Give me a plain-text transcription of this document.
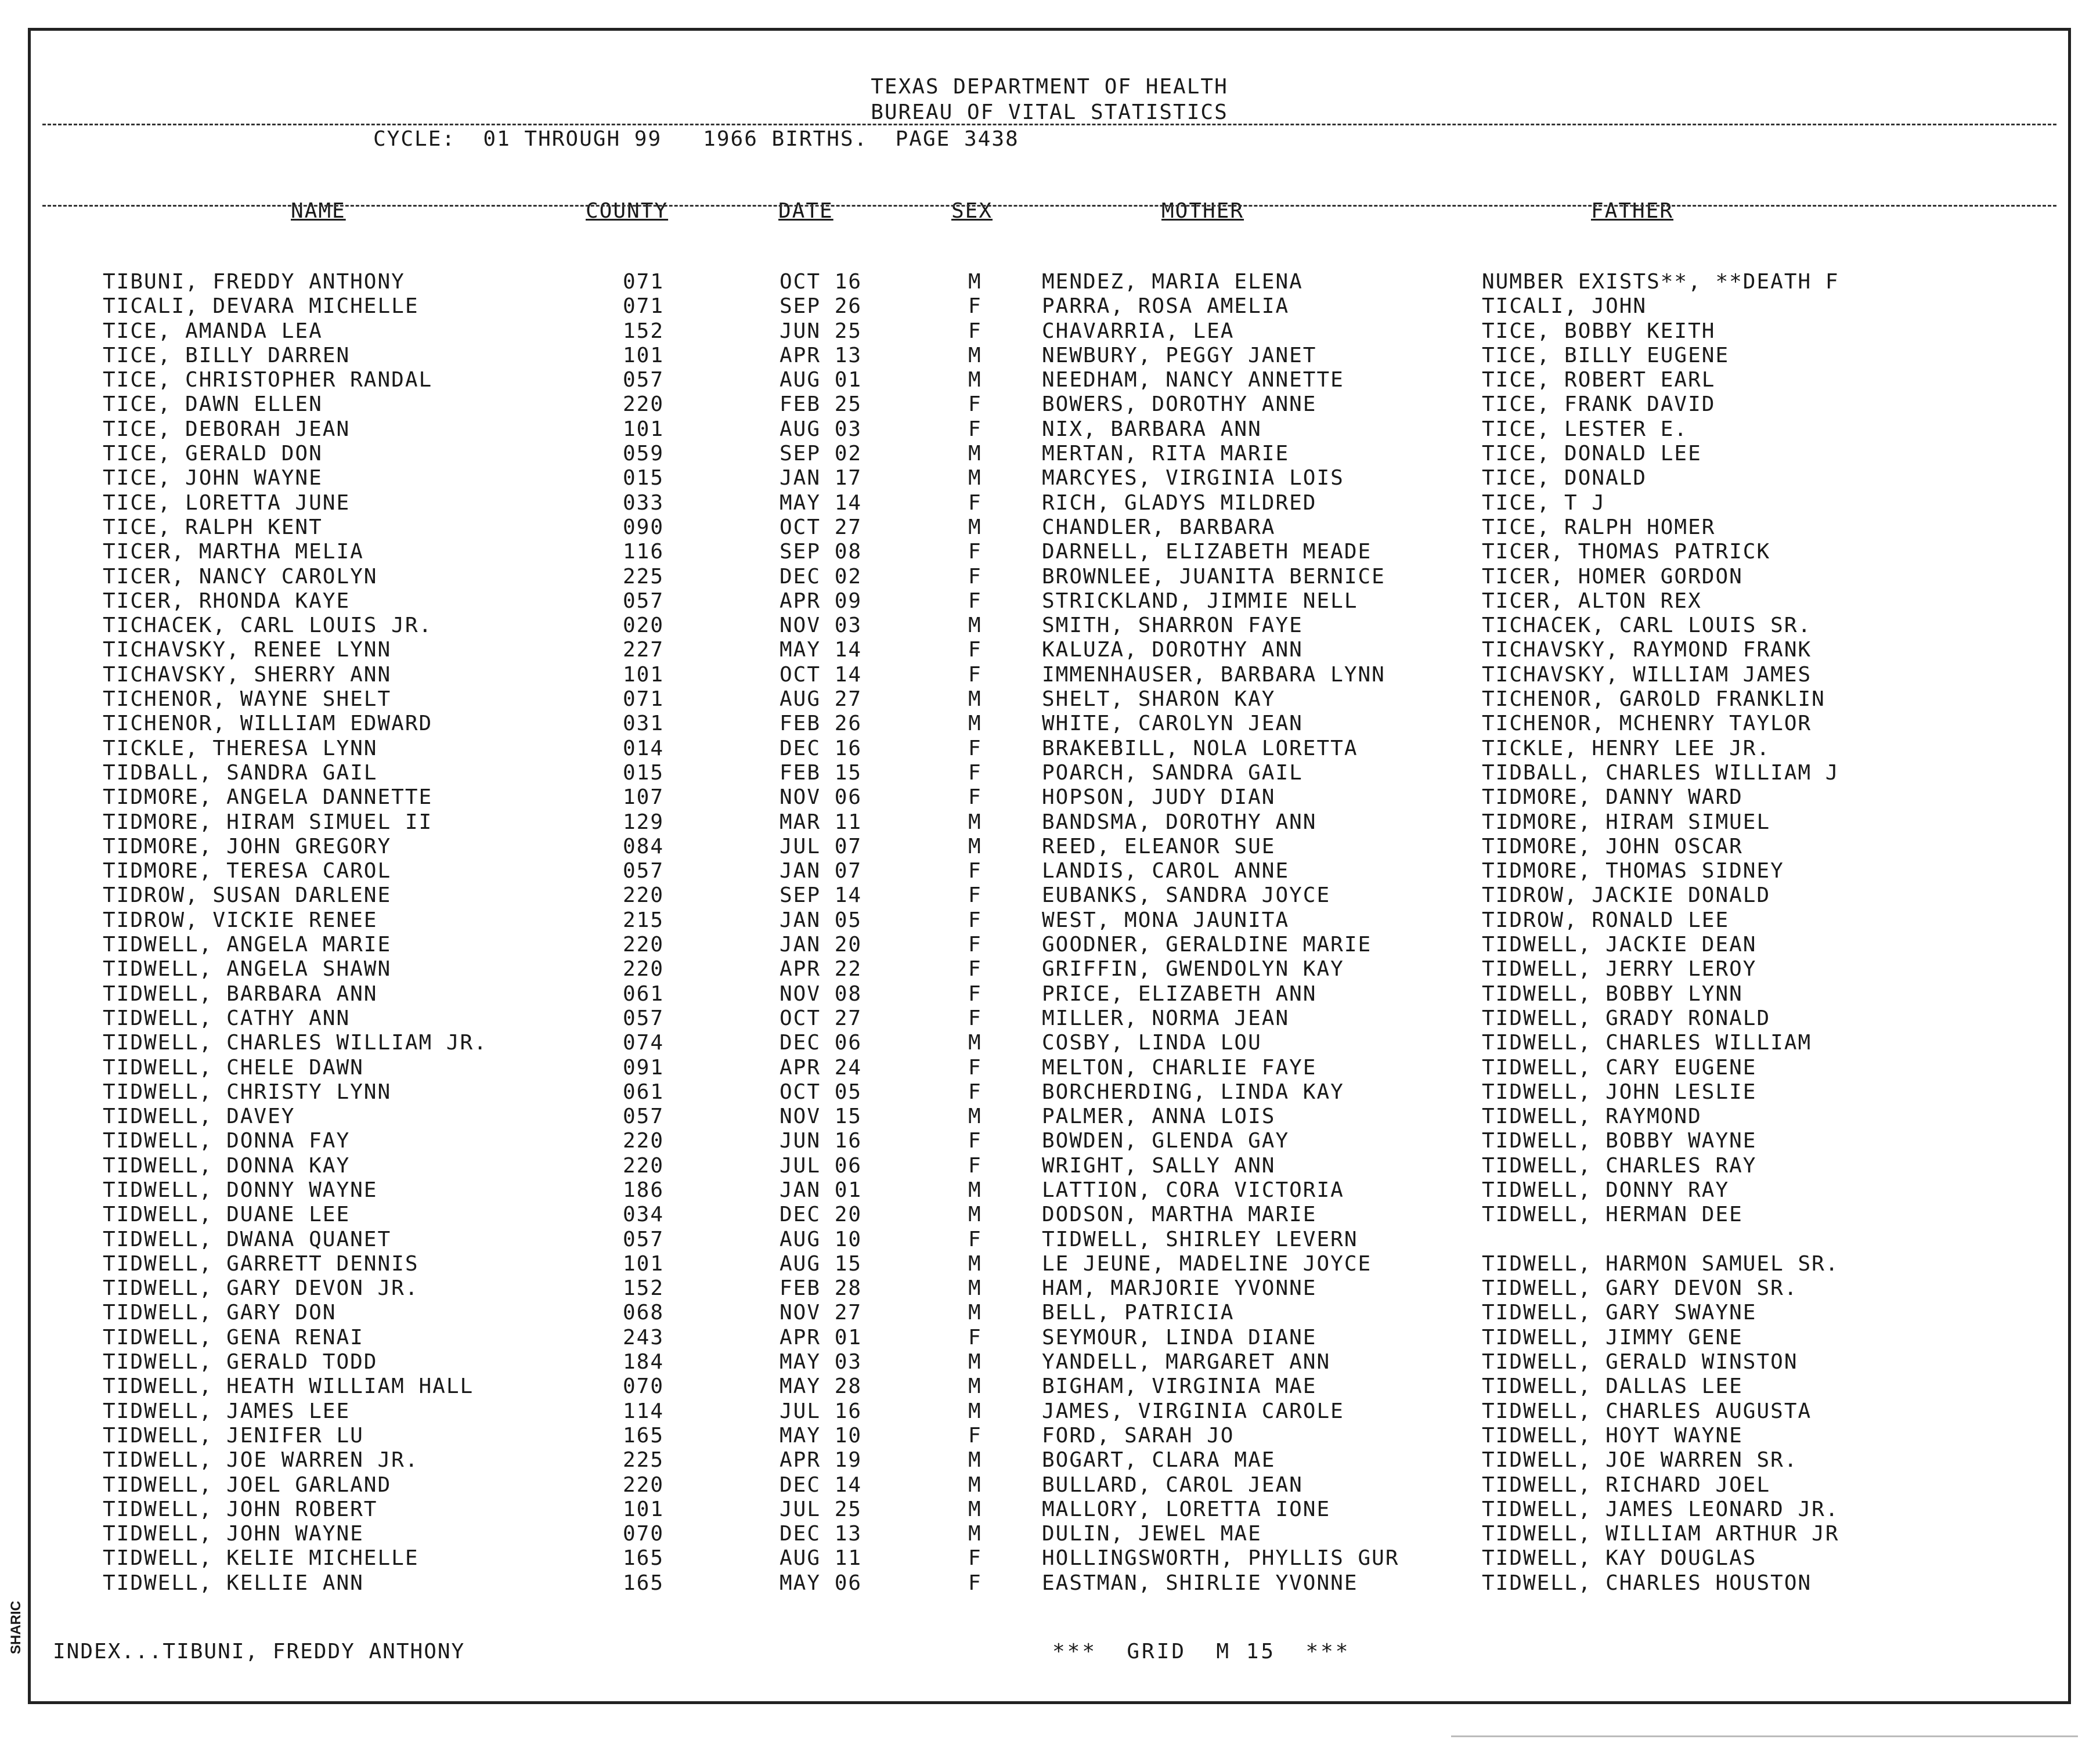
TEXAS DEPARTMENT OF HEALTH
BUREAU OF VITAL STATISTICS
CYCLE:  01 THROUGH 99   1966 BIRTHS.  PAGE 3438
NAME	COUNTY	DATE	SEX	MOTHER	FATHER
TIBUNI, FREDDY ANTHONY	071	OCT 16	M	MENDEZ, MARIA ELENA	NUMBER EXISTS**, **DEATH F
TICALI, DEVARA MICHELLE	071	SEP 26	F	PARRA, ROSA AMELIA	TICALI, JOHN
TICE, AMANDA LEA	152	JUN 25	F	CHAVARRIA, LEA	TICE, BOBBY KEITH
TICE, BILLY DARREN	101	APR 13	M	NEWBURY, PEGGY JANET	TICE, BILLY EUGENE
TICE, CHRISTOPHER RANDAL	057	AUG 01	M	NEEDHAM, NANCY ANNETTE	TICE, ROBERT EARL
TICE, DAWN ELLEN	220	FEB 25	F	BOWERS, DOROTHY ANNE	TICE, FRANK DAVID
TICE, DEBORAH JEAN	101	AUG 03	F	NIX, BARBARA ANN	TICE, LESTER E.
TICE, GERALD DON	059	SEP 02	M	MERTAN, RITA MARIE	TICE, DONALD LEE
TICE, JOHN WAYNE	015	JAN 17	M	MARCYES, VIRGINIA LOIS	TICE, DONALD
TICE, LORETTA JUNE	033	MAY 14	F	RICH, GLADYS MILDRED	TICE, T J
TICE, RALPH KENT	090	OCT 27	M	CHANDLER, BARBARA	TICE, RALPH HOMER
TICER, MARTHA MELIA	116	SEP 08	F	DARNELL, ELIZABETH MEADE	TICER, THOMAS PATRICK
TICER, NANCY CAROLYN	225	DEC 02	F	BROWNLEE, JUANITA BERNICE	TICER, HOMER GORDON
TICER, RHONDA KAYE	057	APR 09	F	STRICKLAND, JIMMIE NELL	TICER, ALTON REX
TICHACEK, CARL LOUIS JR.	020	NOV 03	M	SMITH, SHARRON FAYE	TICHACEK, CARL LOUIS SR.
TICHAVSKY, RENEE LYNN	227	MAY 14	F	KALUZA, DOROTHY ANN	TICHAVSKY, RAYMOND FRANK
TICHAVSKY, SHERRY ANN	101	OCT 14	F	IMMENHAUSER, BARBARA LYNN	TICHAVSKY, WILLIAM JAMES
TICHENOR, WAYNE SHELT	071	AUG 27	M	SHELT, SHARON KAY	TICHENOR, GAROLD FRANKLIN
TICHENOR, WILLIAM EDWARD	031	FEB 26	M	WHITE, CAROLYN JEAN	TICHENOR, MCHENRY TAYLOR
TICKLE, THERESA LYNN	014	DEC 16	F	BRAKEBILL, NOLA LORETTA	TICKLE, HENRY LEE JR.
TIDBALL, SANDRA GAIL	015	FEB 15	F	POARCH, SANDRA GAIL	TIDBALL, CHARLES WILLIAM J
TIDMORE, ANGELA DANNETTE	107	NOV 06	F	HOPSON, JUDY DIAN	TIDMORE, DANNY WARD
TIDMORE, HIRAM SIMUEL II	129	MAR 11	M	BANDSMA, DOROTHY ANN	TIDMORE, HIRAM SIMUEL
TIDMORE, JOHN GREGORY	084	JUL 07	M	REED, ELEANOR SUE	TIDMORE, JOHN OSCAR
TIDMORE, TERESA CAROL	057	JAN 07	F	LANDIS, CAROL ANNE	TIDMORE, THOMAS SIDNEY
TIDROW, SUSAN DARLENE	220	SEP 14	F	EUBANKS, SANDRA JOYCE	TIDROW, JACKIE DONALD
TIDROW, VICKIE RENEE	215	JAN 05	F	WEST, MONA JAUNITA	TIDROW, RONALD LEE
TIDWELL, ANGELA MARIE	220	JAN 20	F	GOODNER, GERALDINE MARIE	TIDWELL, JACKIE DEAN
TIDWELL, ANGELA SHAWN	220	APR 22	F	GRIFFIN, GWENDOLYN KAY	TIDWELL, JERRY LEROY
TIDWELL, BARBARA ANN	061	NOV 08	F	PRICE, ELIZABETH ANN	TIDWELL, BOBBY LYNN
TIDWELL, CATHY ANN	057	OCT 27	F	MILLER, NORMA JEAN	TIDWELL, GRADY RONALD
TIDWELL, CHARLES WILLIAM JR.	074	DEC 06	M	COSBY, LINDA LOU	TIDWELL, CHARLES WILLIAM
TIDWELL, CHELE DAWN	091	APR 24	F	MELTON, CHARLIE FAYE	TIDWELL, CARY EUGENE
TIDWELL, CHRISTY LYNN	061	OCT 05	F	BORCHERDING, LINDA KAY	TIDWELL, JOHN LESLIE
TIDWELL, DAVEY	057	NOV 15	M	PALMER, ANNA LOIS	TIDWELL, RAYMOND
TIDWELL, DONNA FAY	220	JUN 16	F	BOWDEN, GLENDA GAY	TIDWELL, BOBBY WAYNE
TIDWELL, DONNA KAY	220	JUL 06	F	WRIGHT, SALLY ANN	TIDWELL, CHARLES RAY
TIDWELL, DONNY WAYNE	186	JAN 01	M	LATTION, CORA VICTORIA	TIDWELL, DONNY RAY
TIDWELL, DUANE LEE	034	DEC 20	M	DODSON, MARTHA MARIE	TIDWELL, HERMAN DEE
TIDWELL, DWANA QUANET	057	AUG 10	F	TIDWELL, SHIRLEY LEVERN
TIDWELL, GARRETT DENNIS	101	AUG 15	M	LE JEUNE, MADELINE JOYCE	TIDWELL, HARMON SAMUEL SR.
TIDWELL, GARY DEVON JR.	152	FEB 28	M	HAM, MARJORIE YVONNE	TIDWELL, GARY DEVON SR.
TIDWELL, GARY DON	068	NOV 27	M	BELL, PATRICIA	TIDWELL, GARY SWAYNE
TIDWELL, GENA RENAI	243	APR 01	F	SEYMOUR, LINDA DIANE	TIDWELL, JIMMY GENE
TIDWELL, GERALD TODD	184	MAY 03	M	YANDELL, MARGARET ANN	TIDWELL, GERALD WINSTON
TIDWELL, HEATH WILLIAM HALL	070	MAY 28	M	BIGHAM, VIRGINIA MAE	TIDWELL, DALLAS LEE
TIDWELL, JAMES LEE	114	JUL 16	M	JAMES, VIRGINIA CAROLE	TIDWELL, CHARLES AUGUSTA
TIDWELL, JENIFER LU	165	MAY 10	F	FORD, SARAH JO	TIDWELL, HOYT WAYNE
TIDWELL, JOE WARREN JR.	225	APR 19	M	BOGART, CLARA MAE	TIDWELL, JOE WARREN SR.
TIDWELL, JOEL GARLAND	220	DEC 14	M	BULLARD, CAROL JEAN	TIDWELL, RICHARD JOEL
TIDWELL, JOHN ROBERT	101	JUL 25	M	MALLORY, LORETTA IONE	TIDWELL, JAMES LEONARD JR.
TIDWELL, JOHN WAYNE	070	DEC 13	M	DULIN, JEWEL MAE	TIDWELL, WILLIAM ARTHUR JR
TIDWELL, KELIE MICHELLE	165	AUG 11	F	HOLLINGSWORTH, PHYLLIS GUR	TIDWELL, KAY DOUGLAS
TIDWELL, KELLIE ANN	165	MAY 06	F	EASTMAN, SHIRLIE YVONNE	TIDWELL, CHARLES HOUSTON
INDEX...TIBUNI, FREDDY ANTHONY	***  GRID  M 15  ***
SHARIC
